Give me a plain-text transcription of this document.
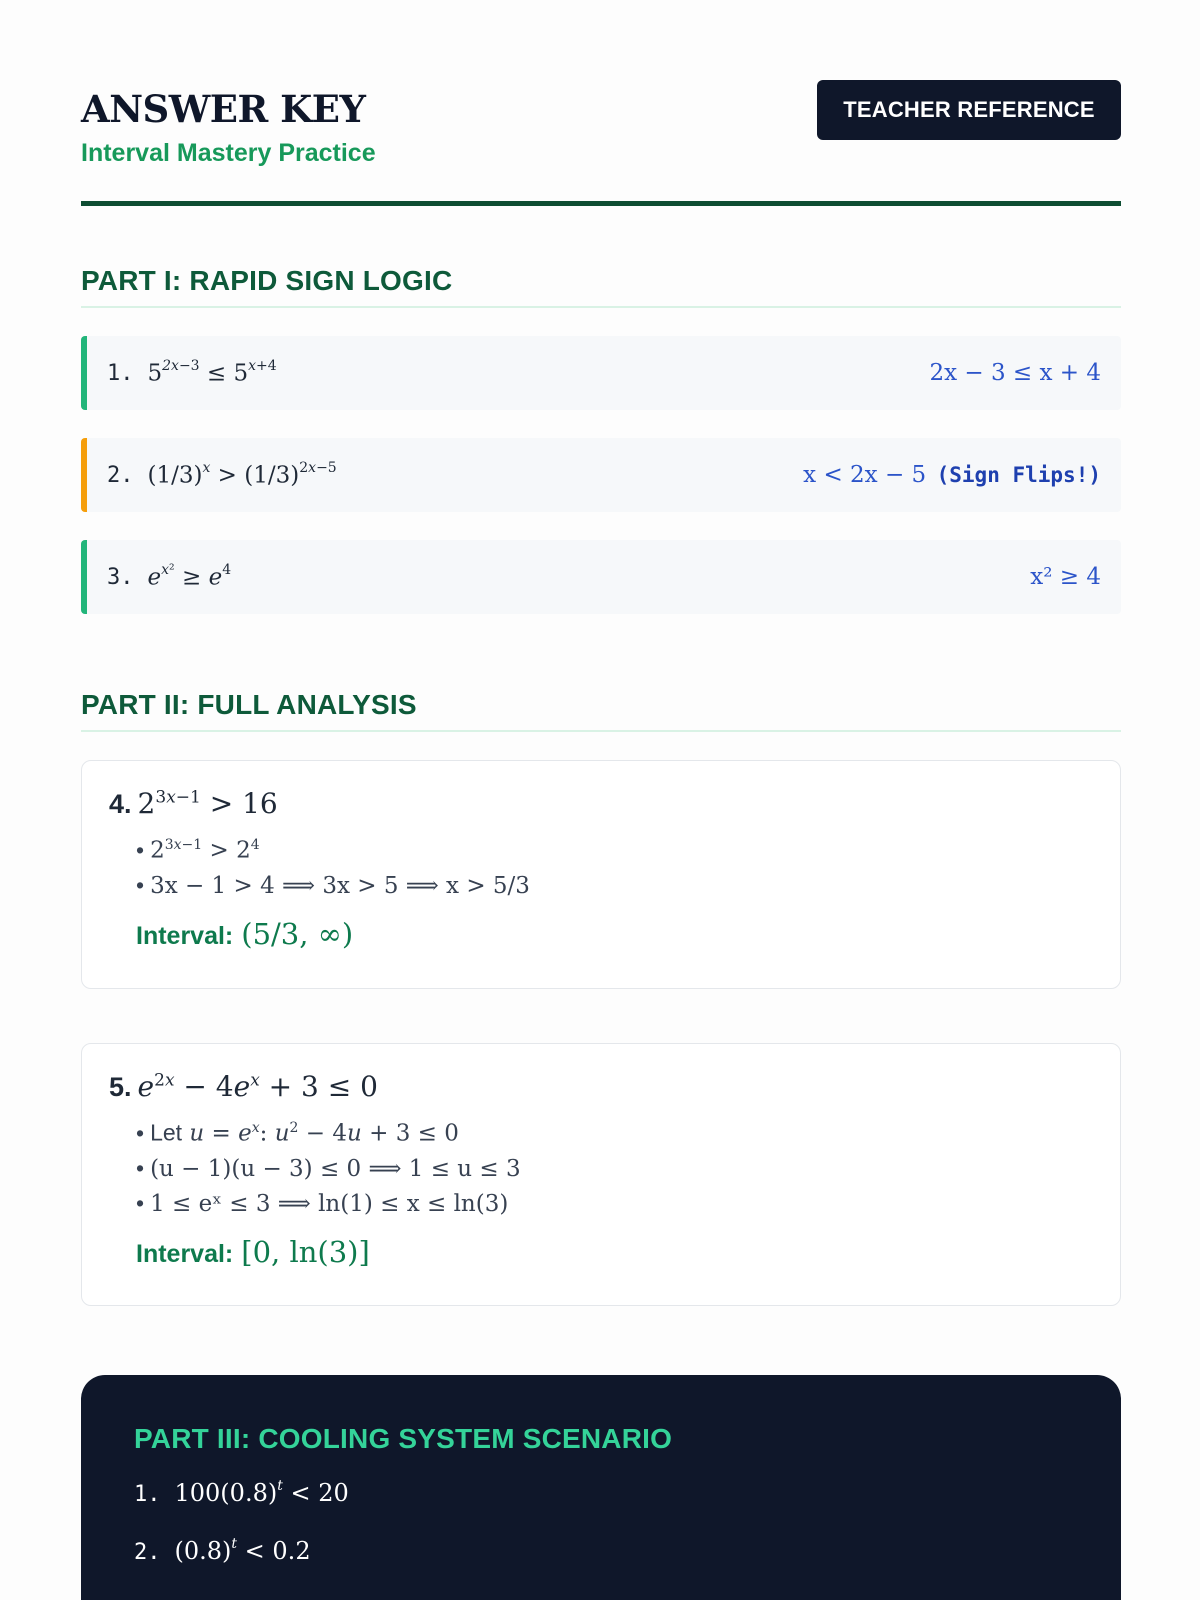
ANSWER KEY
Interval Mastery Practice
TEACHER REFERENCE
PART I: RAPID SIGN LOGIC
1. $5^{2x-3} \le 5^{x+4}$	2x − 3 ≤ x + 4
2. $(1/3)^x > (1/3)^{2x-5}$	x < 2x − 5 (Sign Flips!)
3. $e^{x^2} \ge e^4$	x² ≥ 4
PART II: FULL ANALYSIS
4. $2^{3x-1} > 16$
• $2^{3x-1} > 2^4$
• 3x − 1 > 4 ⟹ 3x > 5 ⟹ x > 5/3
Interval: (5/3, ∞)
5. $e^{2x} - 4e^x + 3 \le 0$
• Let $u = e^x$: $u^2 - 4u + 3 \le 0$
• (u − 1)(u − 3) ≤ 0 ⟹ 1 ≤ u ≤ 3
• 1 ≤ eˣ ≤ 3 ⟹ ln(1) ≤ x ≤ ln(3)
Interval: [0, ln(3)]
PART III: COOLING SYSTEM SCENARIO
1. $100(0.8)^t < 20$
2. $(0.8)^t < 0.2$
